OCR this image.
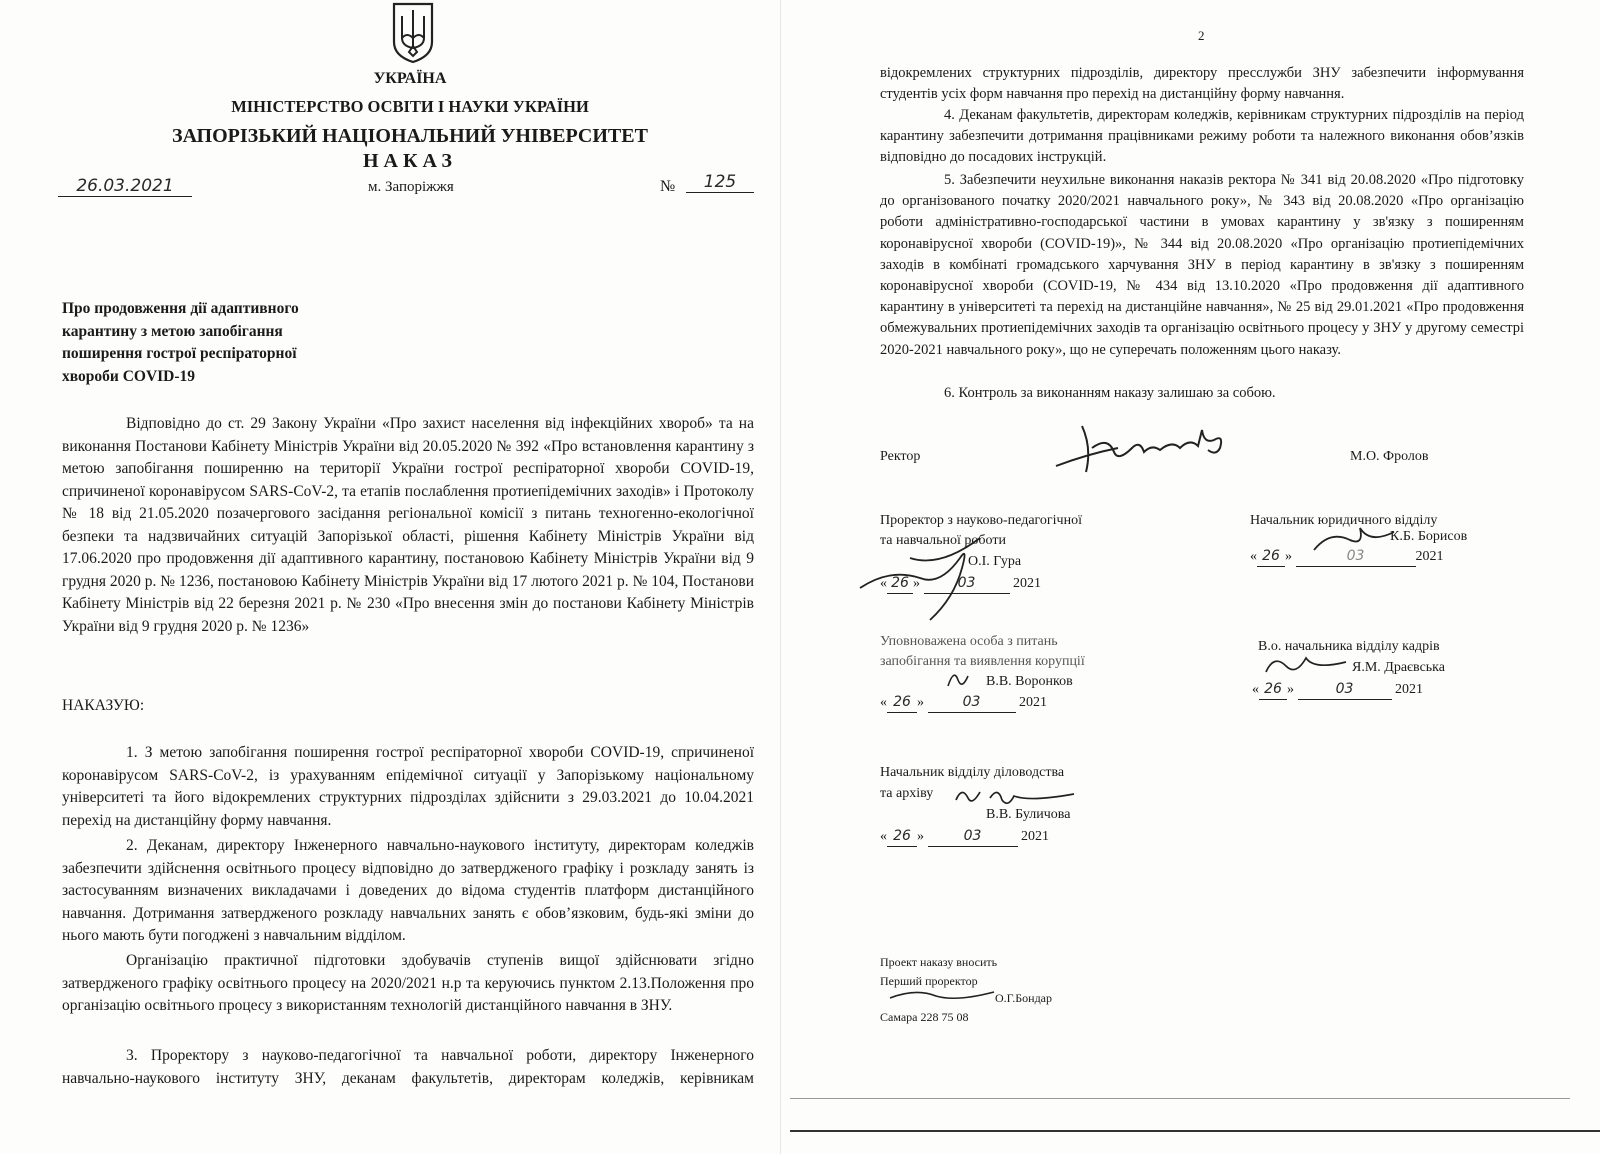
УКРАЇНА
МІНІСТЕРСТВО ОСВІТИ І НАУКИ УКРАЇНИ
ЗАПОРІЗЬКИЙ НАЦІОНАЛЬНИЙ УНІВЕРСИТЕТ
НАКАЗ
26.03.2021	м. Запоріжжя	№	125
Про продовження дії адаптивного карантину з метою запобігання поширення гострої респіраторної хвороби COVID-19
Відповідно до ст. 29 Закону України «Про захист населення від інфекційних хвороб» та на виконання Постанови Кабінету Міністрів України від 20.05.2020 № 392 «Про встановлення карантину з метою запобігання поширенню на території України гострої респіраторної хвороби COVID-19, спричиненої коронавірусом SARS-CoV-2, та етапів послаблення протиепідемічних заходів» і Протоколу № 18 від 21.05.2020 позачергового засідання регіональної комісії з питань техногенно-екологічної безпеки та надзвичайних ситуацій Запорізької області, рішення Кабінету Міністрів України від 17.06.2020 про продовження дії адаптивного карантину, постановою Кабінету Міністрів України від 9 грудня 2020 р. № 1236, постановою Кабінету Міністрів України від 17 лютого 2021 р. № 104, Постанови Кабінету Міністрів від 22 березня 2021 р. № 230 «Про внесення змін до постанови Кабінету Міністрів України від 9 грудня 2020 р. № 1236»
НАКАЗУЮ:
1. З метою запобігання поширення гострої респіраторної хвороби COVID-19, спричиненої коронавірусом SARS-CoV-2, із урахуванням епідемічної ситуації у Запорізькому національному університеті та його відокремлених структурних підрозділах здійснити з 29.03.2021 до 10.04.2021 перехід на дистанційну форму навчання.
2. Деканам, директору Інженерного навчально-наукового інституту, директорам коледжів забезпечити здійснення освітнього процесу відповідно до затвердженого графіку і розкладу занять із застосуванням визначених викладачами і доведених до відома студентів платформ дистанційного навчання. Дотримання затвердженого розкладу навчальних занять є обов’язковим, будь-які зміни до нього мають бути погоджені з навчальним відділом.
Організацію практичної підготовки здобувачів ступенів вищої здійснювати згідно затвердженого графіку освітнього процесу на 2020/2021 н.р та керуючись пунктом 2.13.Положення про організацію освітнього процесу з використанням технологій дистанційного навчання в ЗНУ.
3. Проректору з науково-педагогічної та навчальної роботи, директору Інженерного навчально-наукового інституту ЗНУ, деканам факультетів, директорам коледжів, керівникам
2
відокремлених структурних підрозділів, директору пресслужби ЗНУ забезпечити інформування студентів усіх форм навчання про перехід на дистанційну форму навчання.
4. Деканам факультетів, директорам коледжів, керівникам структурних підрозділів на період карантину забезпечити дотримання працівниками режиму роботи та належного виконання обов’язків відповідно до посадових інструкцій.
5. Забезпечити неухильне виконання наказів ректора № 341 від 20.08.2020 «Про підготовку до організованого початку 2020/2021 навчального року», № 343 від 20.08.2020 «Про організацію роботи адміністративно-господарської частини в умовах карантину у зв'язку з поширенням коронавірусної хвороби (COVID-19)», № 344 від 20.08.2020 «Про організацію протиепідемічних заходів в комбінаті громадського харчування ЗНУ в період карантину в зв'язку з поширенням коронавірусної хвороби (COVID-19, № 434 від 13.10.2020 «Про продовження дії адаптивного карантину в університеті та перехід на дистанційне навчання», № 25 від 29.01.2021 «Про продовження обмежувальних протиепідемічних заходів та організацію освітнього процесу у ЗНУ у другому семестрі 2020-2021 навчального року», що не суперечать положенням цього наказу.
6. Контроль за виконанням наказу залишаю за собою.
Ректор	М.О. Фролов
Проректор з науково-педагогічної
та навчальної роботи
О.І. Гура
« 26 » 03	2021
Начальник юридичного відділу
К.Б. Борисов
« 26 »	03	2021
Уповноважена особа з питань
запобігання та виявлення корупції
В.В. Воронков
« 26 »	03	2021
В.о. начальника відділу кадрів
Я.М. Драєвська
« 26 »	03	2021
Начальник відділу діловодства
та архіву
В.В. Буличова
« 26 »	03	2021
Проект наказу вносить
Перший проректор
О.Г.Бондар
Самара 228 75 08
